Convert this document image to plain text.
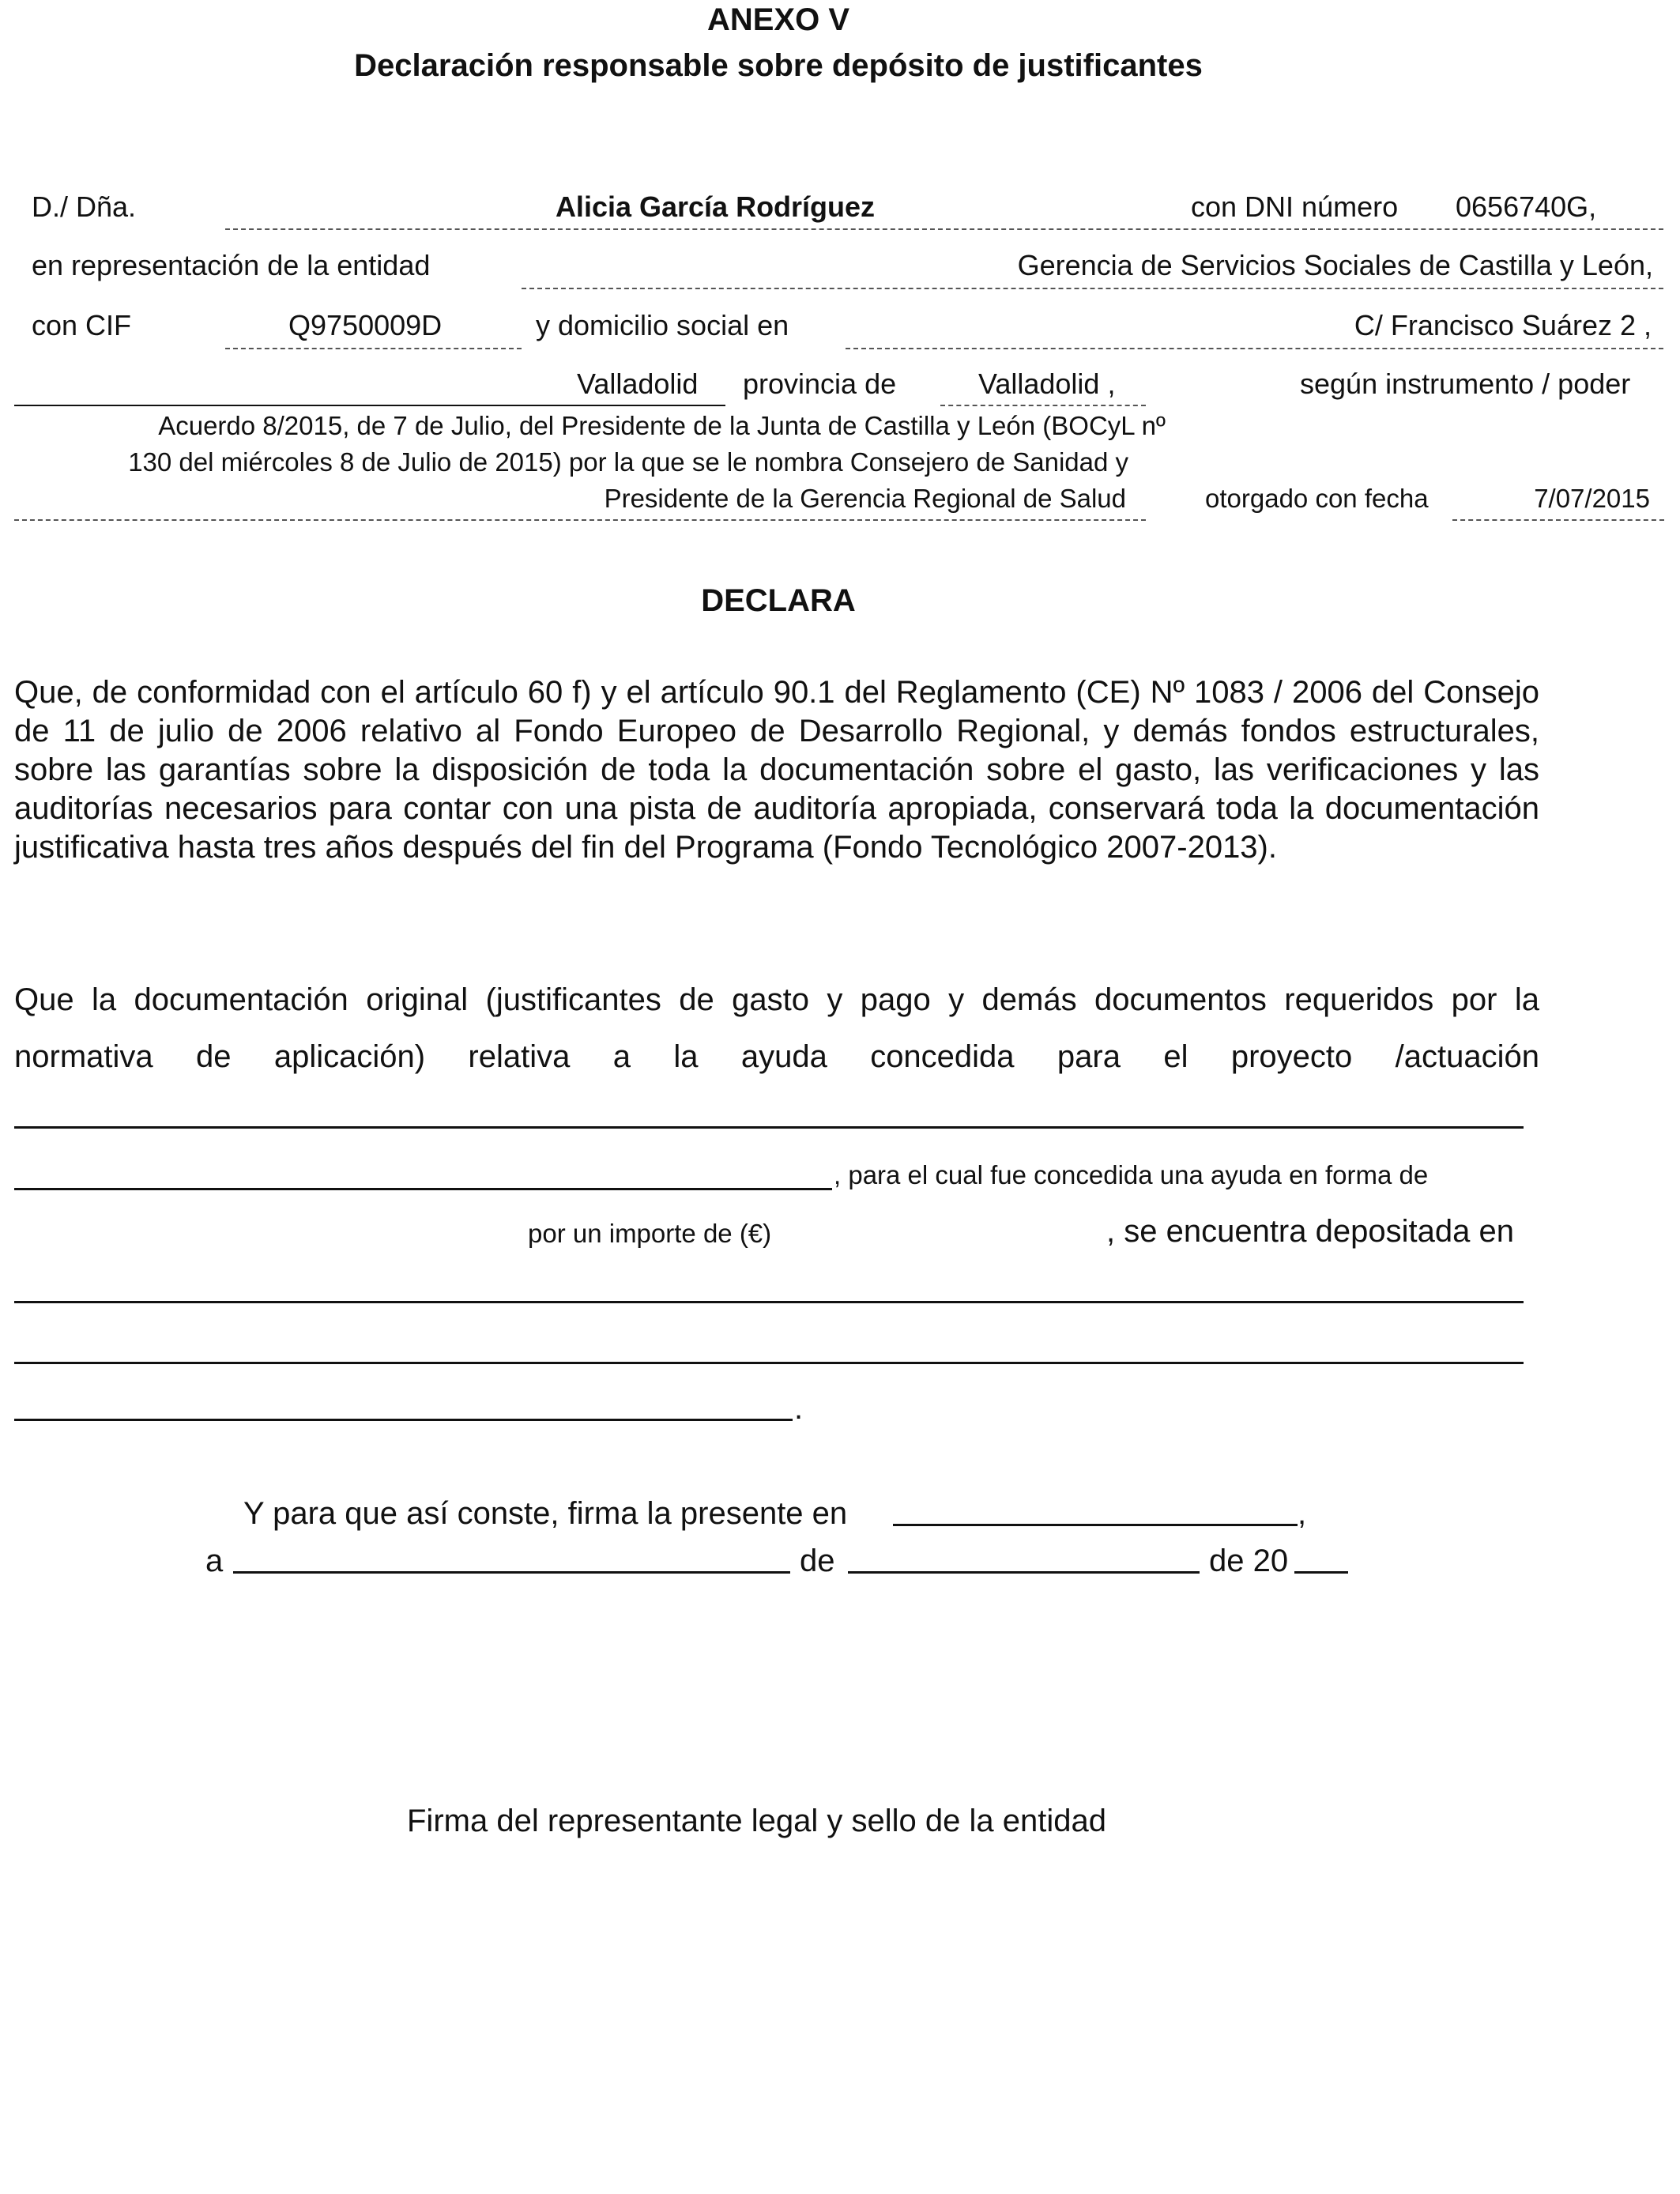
ANEXO V
Declaración responsable sobre depósito de justificantes
D./ Dña.	Alicia García Rodríguez	con DNI número 0656740G,
en representación de la entidad	Gerencia de Servicios Sociales de Castilla y León,
con CIF	Q9750009D	y domicilio social en	C/ Francisco Suárez 2 ,
Valladolid provincia de	Valladolid ,	según instrumento / poder
Acuerdo 8/2015, de 7 de Julio, del Presidente de la Junta de Castilla y León (BOCyL nº
130 del miércoles 8 de Julio de 2015) por la que se le nombra Consejero de Sanidad y
Presidente de la Gerencia Regional de Salud	otorgado con fecha	7/07/2015
DECLARA
Que, de conformidad con el artículo 60 f) y el artículo 90.1 del Reglamento (CE) Nº 1083 / 2006 del Consejo de 11 de julio de 2006 relativo al Fondo Europeo de Desarrollo Regional, y demás fondos estructurales, sobre las garantías sobre la disposición de toda la documentación sobre el gasto, las verificaciones y las auditorías necesarios para contar con una pista de auditoría apropiada, conservará toda la documentación justificativa hasta tres años después del fin del Programa (Fondo Tecnológico 2007-2013).
Que la documentación original (justificantes de gasto y pago y demás documentos requeridos por la
normativa de aplicación) relativa a la ayuda concedida para el proyecto /actuación
, para el cual fue concedida una ayuda en forma de
por un importe de (€)	, se encuentra depositada en
.
Y para que así conste, firma la presente en	,
a	de	de 20
Firma del representante legal y sello de la entidad
